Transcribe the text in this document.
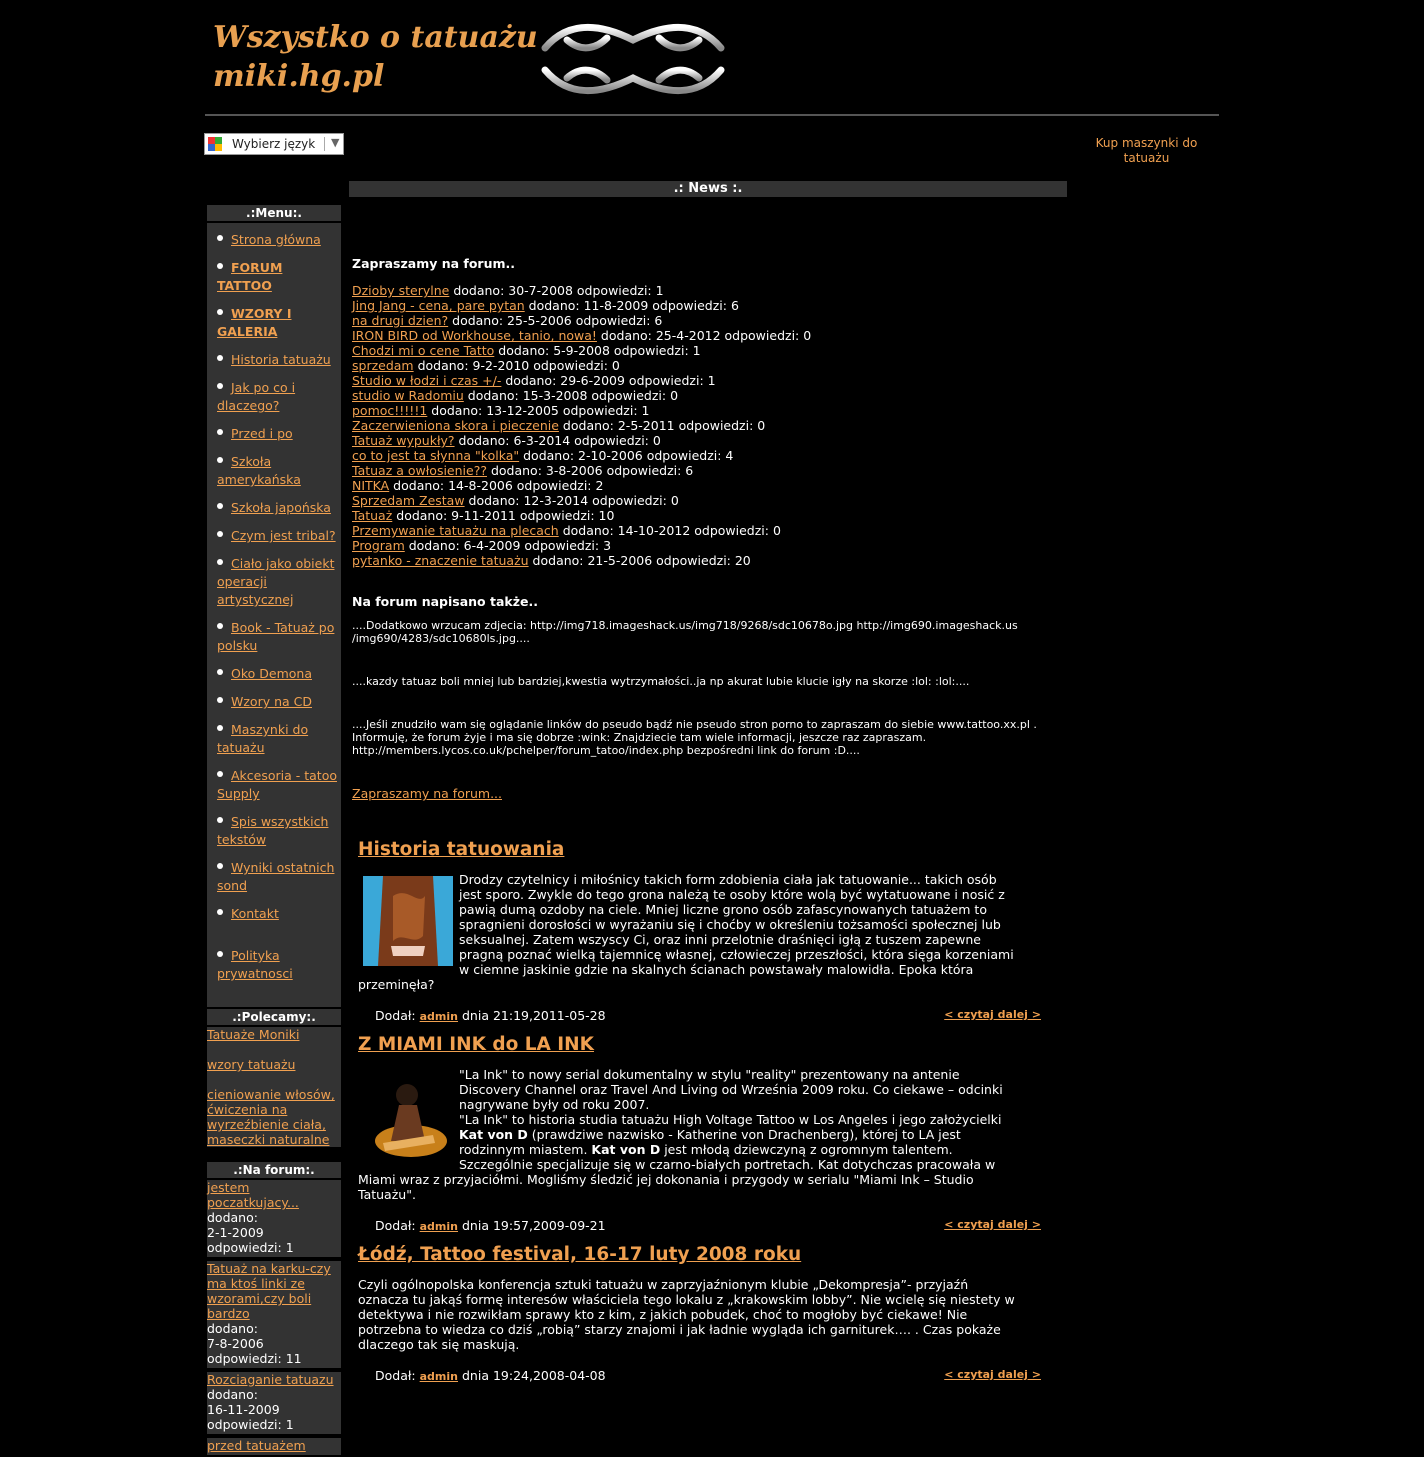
Wszystko o tatuażu
miki.hg.pl
Wybierz język ▼	Kup maszynki do tatuażu
.: News :.
.:Menu:.
Strona główna
FORUM TATTOO
WZORY I GALERIA
Historia tatuażu
Jak po co i dlaczego?
Przed i po
Szkoła amerykańska
Szkoła japońska
Czym jest tribal?
Ciało jako obiekt operacji artystycznej
Book - Tatuaż po polsku
Oko Demona
Wzory na CD
Maszynki do tatuażu
Akcesoria - tatoo Supply
Spis wszystkich tekstów
Wyniki ostatnich sond
Kontakt
Polityka prywatnosci
.:Polecamy:.
Tatuaże Moniki
wzory tatuażu
cieniowanie włosów, ćwiczenia na wyrzeźbienie ciała, maseczki naturalne
.:Na forum:.
jestem poczatkujacy...
dodano:
2-1-2009
odpowiedzi: 1
Tatuaż na karku-czy ma ktoś linki ze wzorami,czy boli bardzo
dodano:
7-8-2006
odpowiedzi: 11
Rozciaganie tatuazu
dodano:
16-11-2009
odpowiedzi: 1
przed tatuażem
Zapraszamy na forum..
Dzioby sterylne dodano: 30-7-2008 odpowiedzi: 1
Jing Jang - cena, pare pytan dodano: 11-8-2009 odpowiedzi: 6
na drugi dzien? dodano: 25-5-2006 odpowiedzi: 6
IRON BIRD od Workhouse, tanio, nowa! dodano: 25-4-2012 odpowiedzi: 0
Chodzi mi o cene Tatto dodano: 5-9-2008 odpowiedzi: 1
sprzedam dodano: 9-2-2010 odpowiedzi: 0
Studio w łodzi i czas +/- dodano: 29-6-2009 odpowiedzi: 1
studio w Radomiu dodano: 15-3-2008 odpowiedzi: 0
pomoc!!!!!1 dodano: 13-12-2005 odpowiedzi: 1
Zaczerwieniona skora i pieczenie dodano: 2-5-2011 odpowiedzi: 0
Tatuaż wypukły? dodano: 6-3-2014 odpowiedzi: 0
co to jest ta słynna "kolka" dodano: 2-10-2006 odpowiedzi: 4
Tatuaz a owłosienie?? dodano: 3-8-2006 odpowiedzi: 6
NITKA dodano: 14-8-2006 odpowiedzi: 2
Sprzedam Zestaw dodano: 12-3-2014 odpowiedzi: 0
Tatuaż dodano: 9-11-2011 odpowiedzi: 10
Przemywanie tatuażu na plecach dodano: 14-10-2012 odpowiedzi: 0
Program dodano: 6-4-2009 odpowiedzi: 3
pytanko - znaczenie tatuażu dodano: 21-5-2006 odpowiedzi: 20
Na forum napisano także..
....Dodatkowo wrzucam zdjecia: http://img718.imageshack.us/img718/9268/sdc10678o.jpg http://img690.imageshack.us /img690/4283/sdc10680ls.jpg....
....kazdy tatuaz boli mniej lub bardziej,kwestia wytrzymałości..ja np akurat lubie klucie igły na skorze :lol: :lol:....
....Jeśli znudziło wam się oglądanie linków do pseudo bądź nie pseudo stron porno to zapraszam do siebie www.tattoo.xx.pl . Informuję, że forum żyje i ma się dobrze :wink: Znajdziecie tam wiele informacji, jeszcze raz zapraszam. http://members.lycos.co.uk/pchelper/forum_tatoo/index.php bezpośredni link do forum :D....
Zapraszamy na forum...
Historia tatuowania
Drodzy czytelnicy i miłośnicy takich form zdobienia ciała jak tatuowanie... takich osób jest sporo. Zwykle do tego grona należą te osoby które wolą być wytatuowane i nosić z pawią dumą ozdoby na ciele. Mniej liczne grono osób zafascynowanych tatuażem to spragnieni dorosłości w wyrażaniu się i choćby w określeniu tożsamości społecznej lub seksualnej. Zatem wszyscy Ci, oraz inni przelotnie draśnięci igłą z tuszem zapewne pragną poznać wielką tajemnicę własnej, człowieczej przeszłości, która sięga korzeniami w ciemne jaskinie gdzie na skalnych ścianach powstawały malowidła. Epoka która przeminęła?
Dodał: admin dnia 21:19,2011-05-28	< czytaj dalej >
Z MIAMI INK do LA INK
"La Ink" to nowy serial dokumentalny w stylu "reality" prezentowany na antenie Discovery Channel oraz Travel And Living od Września 2009 roku. Co ciekawe – odcinki nagrywane były od roku 2007.
"La Ink" to historia studia tatuażu High Voltage Tattoo w Los Angeles i jego założycielki Kat von D (prawdziwe nazwisko - Katherine von Drachenberg), której to LA jest rodzinnym miastem. Kat von D jest młodą dziewczyną z ogromnym talentem. Szczególnie specjalizuje się w czarno-białych portretach. Kat dotychczas pracowała w Miami wraz z przyjaciółmi. Mogliśmy śledzić jej dokonania i przygody w serialu "Miami Ink – Studio Tatuażu".
Dodał: admin dnia 19:57,2009-09-21	< czytaj dalej >
Łódź, Tattoo festival, 16-17 luty 2008 roku
Czyli ogólnopolska konferencja sztuki tatuażu w zaprzyjaźnionym klubie „Dekompresja”- przyjaźń oznacza tu jakąś formę interesów właściciela tego lokalu z „krakowskim lobby”. Nie wcielę się niestety w detektywa i nie rozwikłam sprawy kto z kim, z jakich pobudek, choć to mogłoby być ciekawe! Nie potrzebna to wiedza co dziś „robią” starzy znajomi i jak ładnie wygląda ich garniturek…. . Czas pokaże dlaczego tak się maskują.
Dodał: admin dnia 19:24,2008-04-08	< czytaj dalej >
